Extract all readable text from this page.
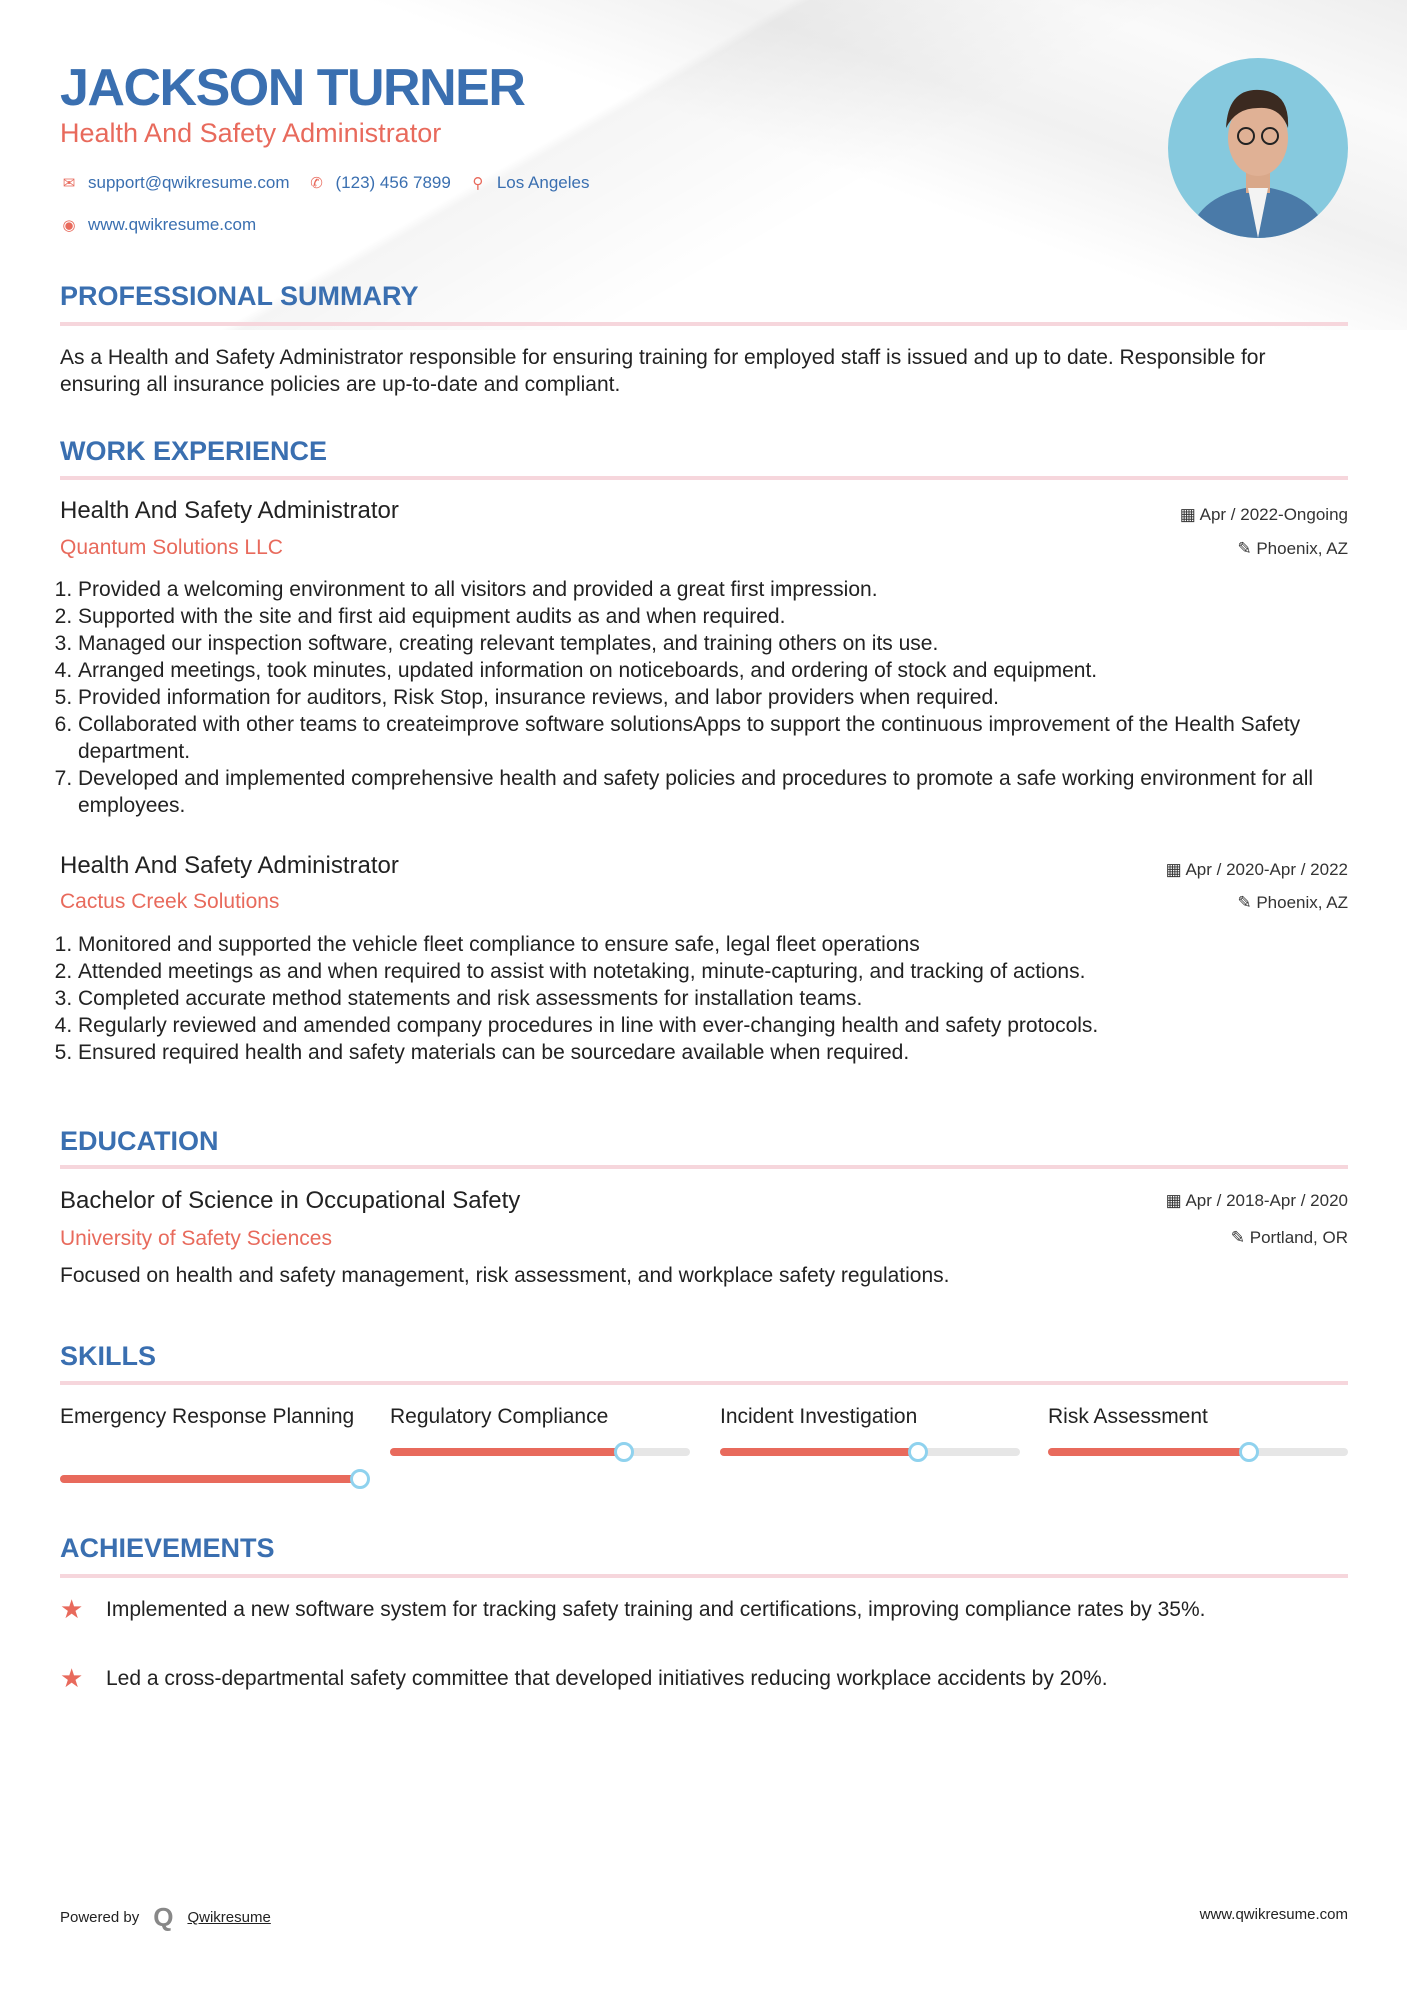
JACKSON TURNER
Health And Safety Administrator
✉ support@qwikresume.com ✆ (123) 456 7899 ⚲ Los Angeles
◉ www.qwikresume.com
PROFESSIONAL SUMMARY
As a Health and Safety Administrator responsible for ensuring training for employed staff is issued and up to date. Responsible for ensuring all insurance policies are up-to-date and compliant.
WORK EXPERIENCE
Health And Safety Administrator	▦ Apr / 2022-Ongoing
Quantum Solutions LLC	✎ Phoenix, AZ
1. Provided a welcoming environment to all visitors and provided a great first impression.
2. Supported with the site and first aid equipment audits as and when required.
3. Managed our inspection software, creating relevant templates, and training others on its use.
4. Arranged meetings, took minutes, updated information on noticeboards, and ordering of stock and equipment.
5. Provided information for auditors, Risk Stop, insurance reviews, and labor providers when required.
6. Collaborated with other teams to createimprove software solutionsApps to support the continuous improvement of the Health Safety department.
7. Developed and implemented comprehensive health and safety policies and procedures to promote a safe working environment for all employees.
Health And Safety Administrator	▦ Apr / 2020-Apr / 2022
Cactus Creek Solutions	✎ Phoenix, AZ
1. Monitored and supported the vehicle fleet compliance to ensure safe, legal fleet operations
2. Attended meetings as and when required to assist with notetaking, minute-capturing, and tracking of actions.
3. Completed accurate method statements and risk assessments for installation teams.
4. Regularly reviewed and amended company procedures in line with ever-changing health and safety protocols.
5. Ensured required health and safety materials can be sourcedare available when required.
EDUCATION
Bachelor of Science in Occupational Safety	▦ Apr / 2018-Apr / 2020
University of Safety Sciences	✎ Portland, OR
Focused on health and safety management, risk assessment, and workplace safety regulations.
SKILLS
Emergency Response Planning Regulatory Compliance	Incident Investigation	Risk Assessment
ACHIEVEMENTS
★	Implemented a new software system for tracking safety training and certifications, improving compliance rates by 35%.
★	Led a cross-departmental safety committee that developed initiatives reducing workplace accidents by 20%.
Powered by Q Qwikresume	www.qwikresume.com
